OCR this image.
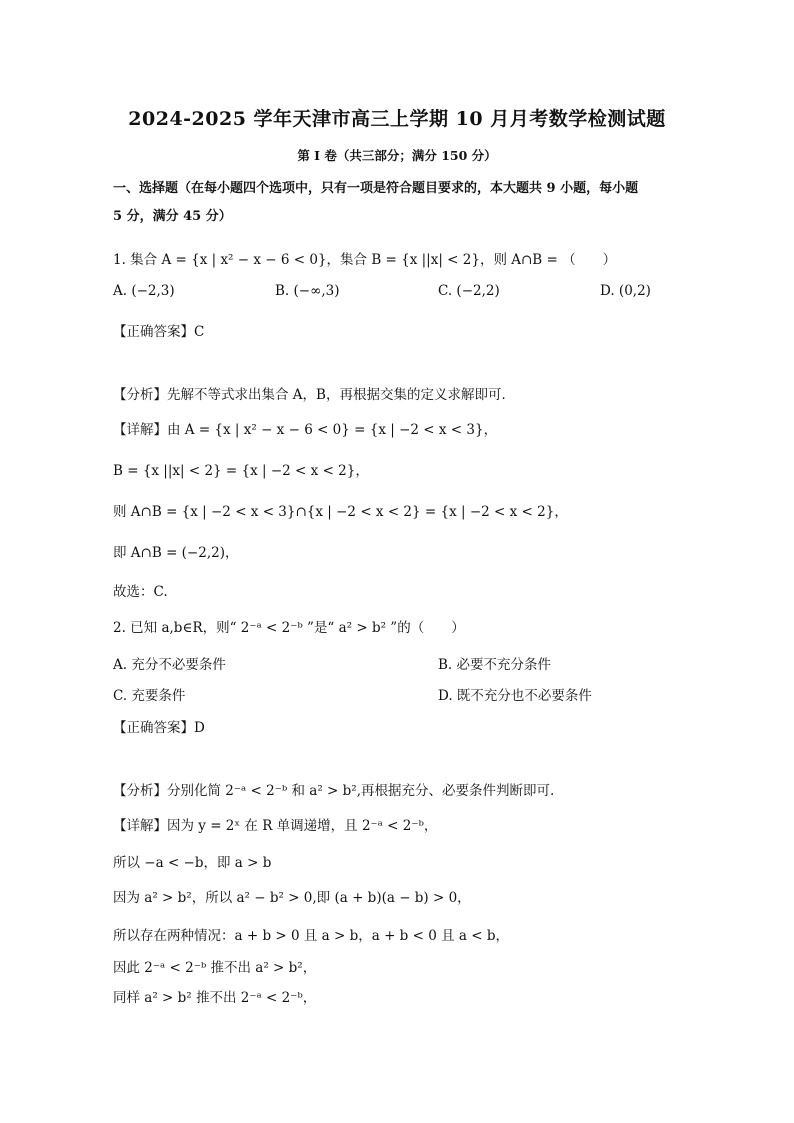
2024-2025 学年天津市高三上学期 10 月月考数学检测试题
第 I 卷（共三部分；满分 150 分）
一、选择题（在每小题四个选项中，只有一项是符合题目要求的，本大题共 9 小题，每小题
5 分，满分 45 分）
1. 集合 A = {x | x² − x − 6 < 0}，集合 B = {x ||x| < 2}，则 A∩B = （　　）
A. (−2,3)	B. (−∞,3)	C. (−2,2)	D. (0,2)
【正确答案】C
【分析】先解不等式求出集合 A，B，再根据交集的定义求解即可．
【详解】由 A = {x | x² − x − 6 < 0} = {x | −2 < x < 3}，
B = {x ||x| < 2} = {x | −2 < x < 2}，
则 A∩B = {x | −2 < x < 3}∩{x | −2 < x < 2} = {x | −2 < x < 2}，
即 A∩B = (−2,2)，
故选：C.
2. 已知 a,b∈R，则“ 2⁻ᵃ < 2⁻ᵇ ”是“ a² > b² ”的（　　）
A. 充分不必要条件	B. 必要不充分条件
C. 充要条件	D. 既不充分也不必要条件
【正确答案】D
【分析】分别化简 2⁻ᵃ < 2⁻ᵇ 和 a² > b²,再根据充分、必要条件判断即可.
【详解】因为 y = 2ˣ 在 R 单调递增，且 2⁻ᵃ < 2⁻ᵇ，
所以 −a < −b，即 a > b
因为 a² > b²，所以 a² − b² > 0,即 (a + b)(a − b) > 0，
所以存在两种情况：a + b > 0 且 a > b，a + b < 0 且 a < b，
因此 2⁻ᵃ < 2⁻ᵇ 推不出 a² > b²，
同样 a² > b² 推不出 2⁻ᵃ < 2⁻ᵇ，
